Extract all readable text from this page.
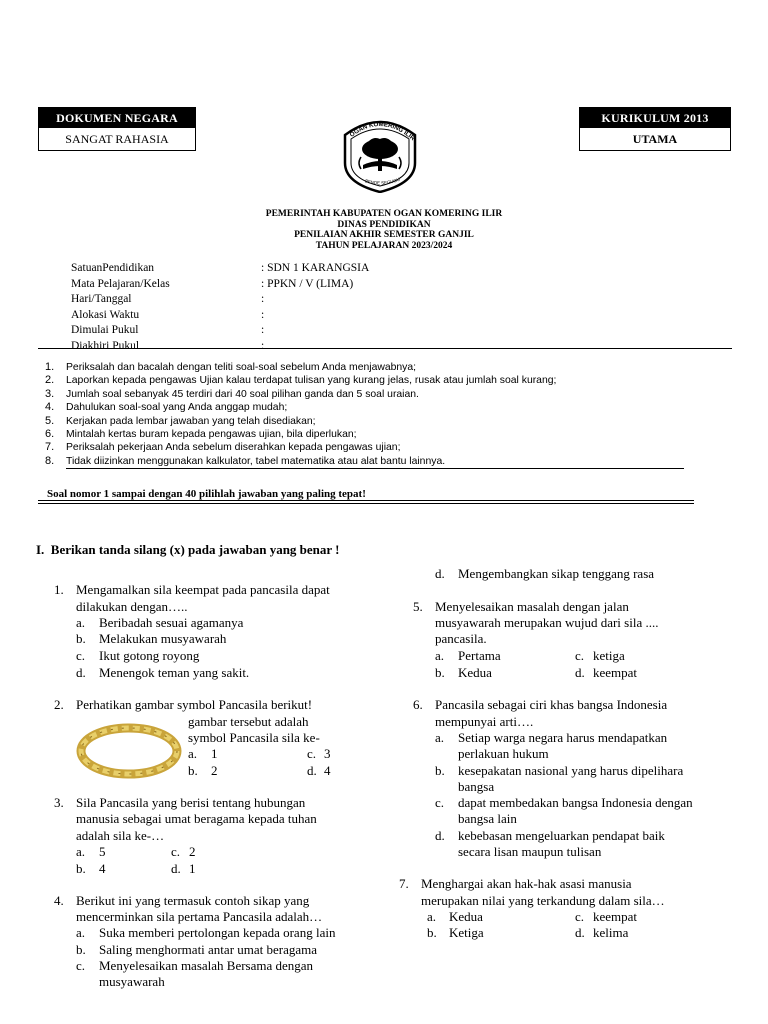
DOKUMEN NEGARA
SANGAT RAHASIA
KURIKULUM 2013
UTAMA
OGAN KOMERING ILIR
BENDE SEGUGU
PEMERINTAH KABUPATEN OGAN KOMERING ILIR
DINAS PENDIDIKAN
PENILAIAN AKHIR SEMESTER GANJIL
TAHUN PELAJARAN 2023/2024
SatuanPendidikan	: SDN 1 KARANGSIA
Mata Pelajaran/Kelas	: PPKN / V (LIMA)
Hari/Tanggal	:
Alokasi Waktu	:
Dimulai Pukul	:
Diakhiri Pukul	:
1. Periksalah dan bacalah dengan teliti soal-soal sebelum Anda menjawabnya;
2. Laporkan kepada pengawas Ujian kalau terdapat tulisan yang kurang jelas, rusak atau jumlah soal kurang;
3. Jumlah soal sebanyak 45 terdiri dari 40 soal pilihan ganda dan 5 soal uraian.
4. Dahulukan soal-soal yang Anda anggap mudah;
5. Kerjakan pada lembar jawaban yang telah disediakan;
6. Mintalah kertas buram kepada pengawas ujian, bila diperlukan;
7. Periksalah pekerjaan Anda sebelum diserahkan kepada pengawas ujian;
8. Tidak diizinkan menggunakan kalkulator, tabel matematika atau alat bantu lainnya.
Soal nomor 1 sampai dengan 40 pilihlah jawaban yang paling tepat!
I.  Berikan tanda silang (x) pada jawaban yang benar !
1. Mengamalkan sila keempat pada pancasila dapat
dilakukan dengan…..
a. Beribadah sesuai agamanya
b. Melakukan musyawarah
c. Ikut gotong royong
d. Menengok teman yang sakit.
2. Perhatikan gambar symbol Pancasila berikut!
gambar tersebut adalah
symbol Pancasila sila ke-
a. 1	c. 3
b. 2	d. 4
3. Sila Pancasila yang berisi tentang hubungan
manusia sebagai umat beragama kepada tuhan
adalah sila ke-…
a. 5	c. 2
b. 4	d. 1
4. Berikut ini yang termasuk contoh sikap yang
mencerminkan sila pertama Pancasila adalah…
a. Suka memberi pertolongan kepada orang lain
b. Saling menghormati antar umat beragama
c. Menyelesaikan masalah Bersama dengan
musyawarah
d. Mengembangkan sikap tenggang rasa
5. Menyelesaikan masalah dengan jalan
musyawarah merupakan wujud dari sila ....
pancasila.
a. Pertama	c. ketiga
b. Kedua	d. keempat
6. Pancasila sebagai ciri khas bangsa Indonesia
mempunyai arti….
a. Setiap warga negara harus mendapatkan
perlakuan hukum
b. kesepakatan nasional yang harus dipelihara
bangsa
c. dapat membedakan bangsa Indonesia dengan
bangsa lain
d. kebebasan mengeluarkan pendapat baik
secara lisan maupun tulisan
7. Menghargai akan hak-hak asasi manusia
merupakan nilai yang terkandung dalam sila…
a. Kedua	c. keempat
b. Ketiga	d. kelima
